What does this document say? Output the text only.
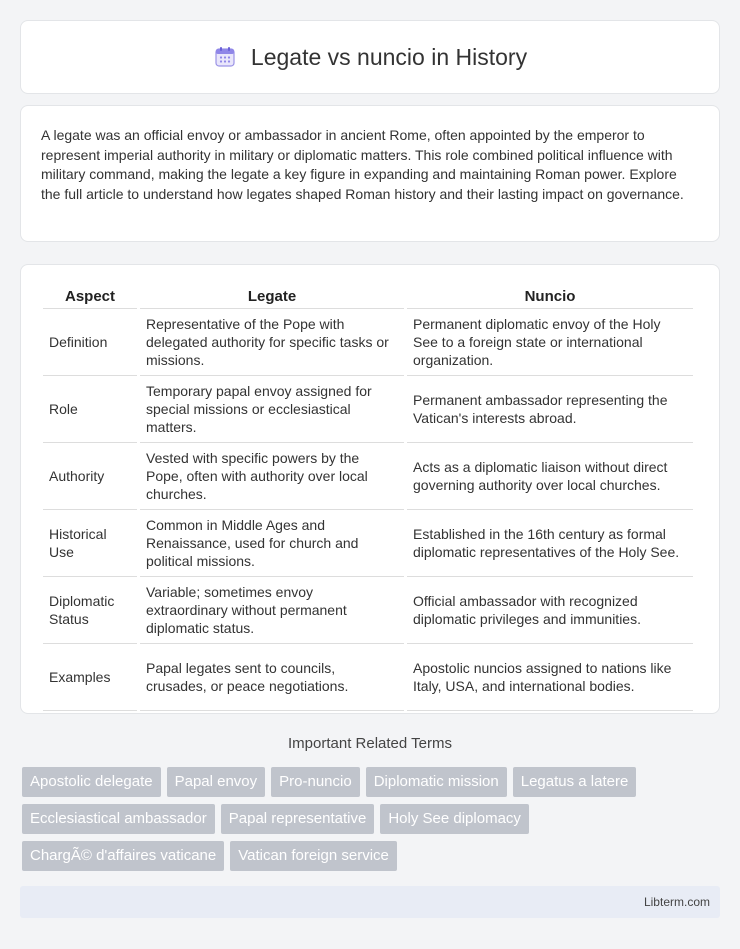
Legate vs nuncio in History

A legate was an official envoy or ambassador in ancient Rome, often appointed by the emperor to represent imperial authority in military or diplomatic matters. This role combined political influence with military command, making the legate a key figure in expanding and maintaining Roman power. Explore the full article to understand how legates shaped Roman history and their lasting impact on governance.

Aspect	Legate	Nuncio
Definition	Representative of the Pope with delegated authority for specific tasks or missions.	Permanent diplomatic envoy of the Holy See to a foreign state or international organization.
Role	Temporary papal envoy assigned for special missions or ecclesiastical matters.	Permanent ambassador representing the Vatican's interests abroad.
Authority	Vested with specific powers by the Pope, often with authority over local churches.	Acts as a diplomatic liaison without direct governing authority over local churches.
Historical Use	Common in Middle Ages and Renaissance, used for church and political missions.	Established in the 16th century as formal diplomatic representatives of the Holy See.
Diplomatic Status	Variable; sometimes envoy extraordinary without permanent diplomatic status.	Official ambassador with recognized diplomatic privileges and immunities.
Examples	Papal legates sent to councils, crusades, or peace negotiations.	Apostolic nuncios assigned to nations like Italy, USA, and international bodies.
Important Related Terms
Apostolic delegate	Papal envoy	Pro-nuncio	Diplomatic mission	Legatus a latere
Ecclesiastical ambassador	Papal representative	Holy See diplomacy
ChargÃ© d'affaires vaticane	Vatican foreign service
Libterm.com
